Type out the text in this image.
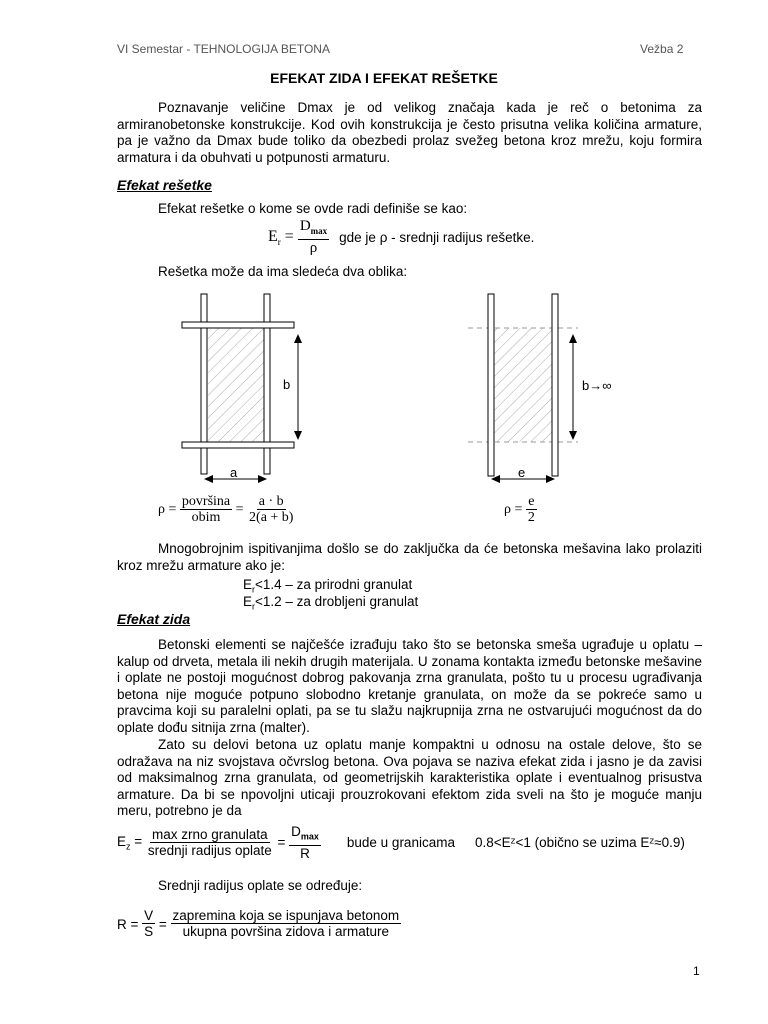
VI Semestar - TEHNOLOGIJA BETONA	Vežba 2
EFEKAT ZIDA I EFEKAT REŠETKE
Poznavanje veličine Dmax je od velikog značaja kada je reč o betonima za armiranobetonske konstrukcije. Kod ovih konstrukcija je često prisutna velika količina armature, pa je važno da Dmax bude toliko da obezbedi prolaz svežeg betona kroz mrežu, koju formira armatura i da obuhvati u potpunosti armaturu.
Efekat rešetke
Efekat rešetke o kome se ovde radi definiše se kao:
$E_r = \frac{D_{max}}{\rho}$ gde je ρ - srednji radijus rešetke.
Rešetka može da ima sledeća dva oblika:
b
a
$\rho = \frac{\text{površina}}{\text{obim}} = \frac{a \cdot b}{2(a + b)}$
b→∞
e
$\rho = \frac{e}{2}$
Mnogobrojnim ispitivanjima došlo se do zaključka da će betonska mešavina lako prolaziti kroz mrežu armature ako je:
$E_r<1.4$ – za prirodni granulat
$E_r<1.2$ – za drobljeni granulat
Efekat zida
Betonski elementi se najčešće izrađuju tako što se betonska smeša ugrađuje u oplatu – kalup od drveta, metala ili nekih drugih materijala. U zonama kontakta između betonske mešavine i oplate ne postoji mogućnost dobrog pakovanja zrna granulata, pošto tu u procesu ugrađivanja betona nije moguće potpuno slobodno kretanje granulata, on može da se pokreće samo u pravcima koji su paralelni oplati, pa se tu slažu najkrupnija zrna ne ostvarujući mogućnost da do oplate dođu sitnija zrna (malter).
Zato su delovi betona uz oplatu manje kompaktni u odnosu na ostale delove, što se odražava na niz svojstava očvrslog betona. Ova pojava se naziva efekat zida i jasno je da zavisi od maksimalnog zrna granulata, od geometrijskih karakteristika oplate i eventualnog prisustva armature. Da bi se npovoljni uticaji prouzrokovani efektom zida sveli na što je moguće manju meru, potrebno je da
$E_z = \frac{\text{max zrno granulata}}{\text{srednji radijus oplate}} = \frac{D_{max}}{R}$ bude u granicama 0.8<Eᶻ<1 (obično se uzima Eᶻ≈0.9)
Srednji radijus oplate se određuje:
$R = \frac{V}{S} = \frac{\text{zapremina koja se ispunjava betonom}}{\text{ukupna površina zidova i armature}}$
1
